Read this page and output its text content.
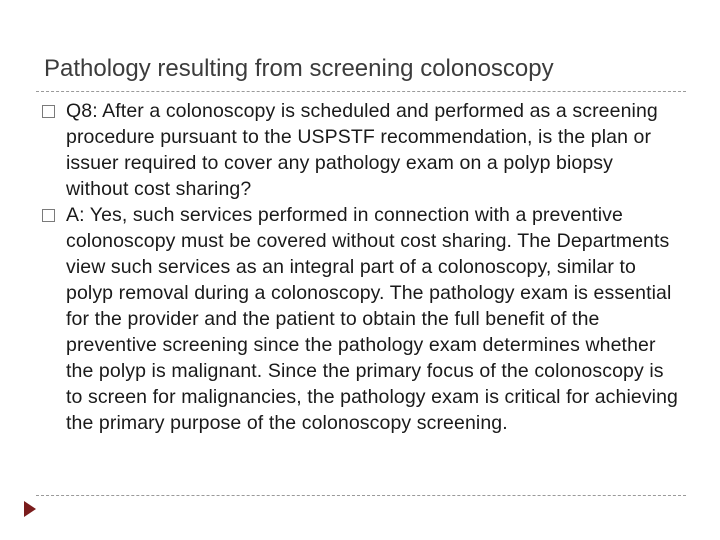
Pathology resulting from screening colonoscopy

Q8: After a colonoscopy is scheduled and performed as a screening procedure pursuant to the USPSTF recommendation, is the plan or issuer required to cover any pathology exam on a polyp biopsy without cost sharing?

A: Yes, such services performed in connection with a preventive colonoscopy must be covered without cost sharing. The Departments view such services as an integral part of a colonoscopy, similar to polyp removal during a colonoscopy. The pathology exam is essential for the provider and the patient to obtain the full benefit of the preventive screening since the pathology exam determines whether the polyp is malignant. Since the primary focus of the colonoscopy is to screen for malignancies, the pathology exam is critical for achieving the primary purpose of the colonoscopy screening.
